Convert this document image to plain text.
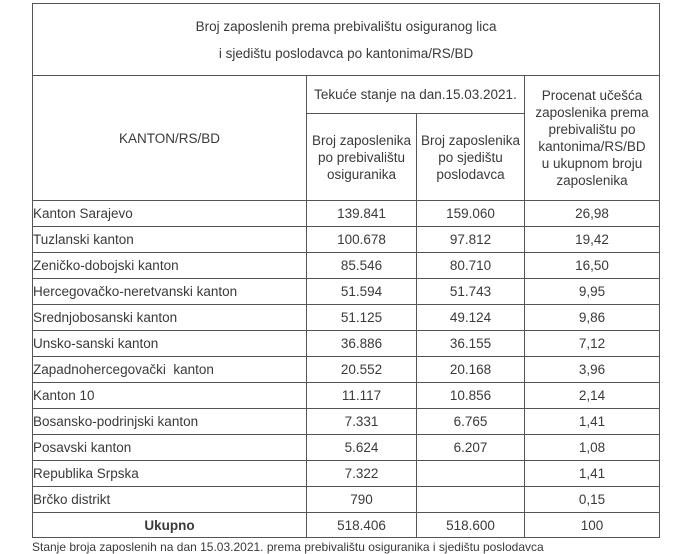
Broj zaposlenih prema prebivalištu osiguranog lica
i sjedištu poslodavca po kantonima/RS/BD			

KANTON/RS/BD	Tekuće stanje na dan.15.03.2021.		Procenat učešća zaposlenika prema prebivalištu po kantonima/RS/BD u ukupnom broju zaposlenika

	Broj zaposlenika po prebivalištu osiguranika	Broj zaposlenika po sjedištu poslodavca	

Kanton Sarajevo	139.841	159.060	26,98
Tuzlanski kanton	100.678	97.812	19,42
Zeničko-dobojski kanton	85.546	80.710	16,50
Hercegovačko-neretvanski kanton	51.594	51.743	9,95
Srednjobosanski kanton	51.125	49.124	9,86
Unsko-sanski kanton	36.886	36.155	7,12
Zapadnohercegovački  kanton	20.552	20.168	3,96
Kanton 10	11.117	10.856	2,14
Bosansko-podrinjski kanton	7.331	6.765	1,41
Posavski kanton	5.624	6.207	1,08
Republika Srpska	7.322		1,41
Brčko distrikt	790		0,15
Ukupno	518.406	518.600	100
Stanje broja zaposlenih na dan 15.03.2021. prema prebivalištu osiguranika i sjedištu poslodavca
